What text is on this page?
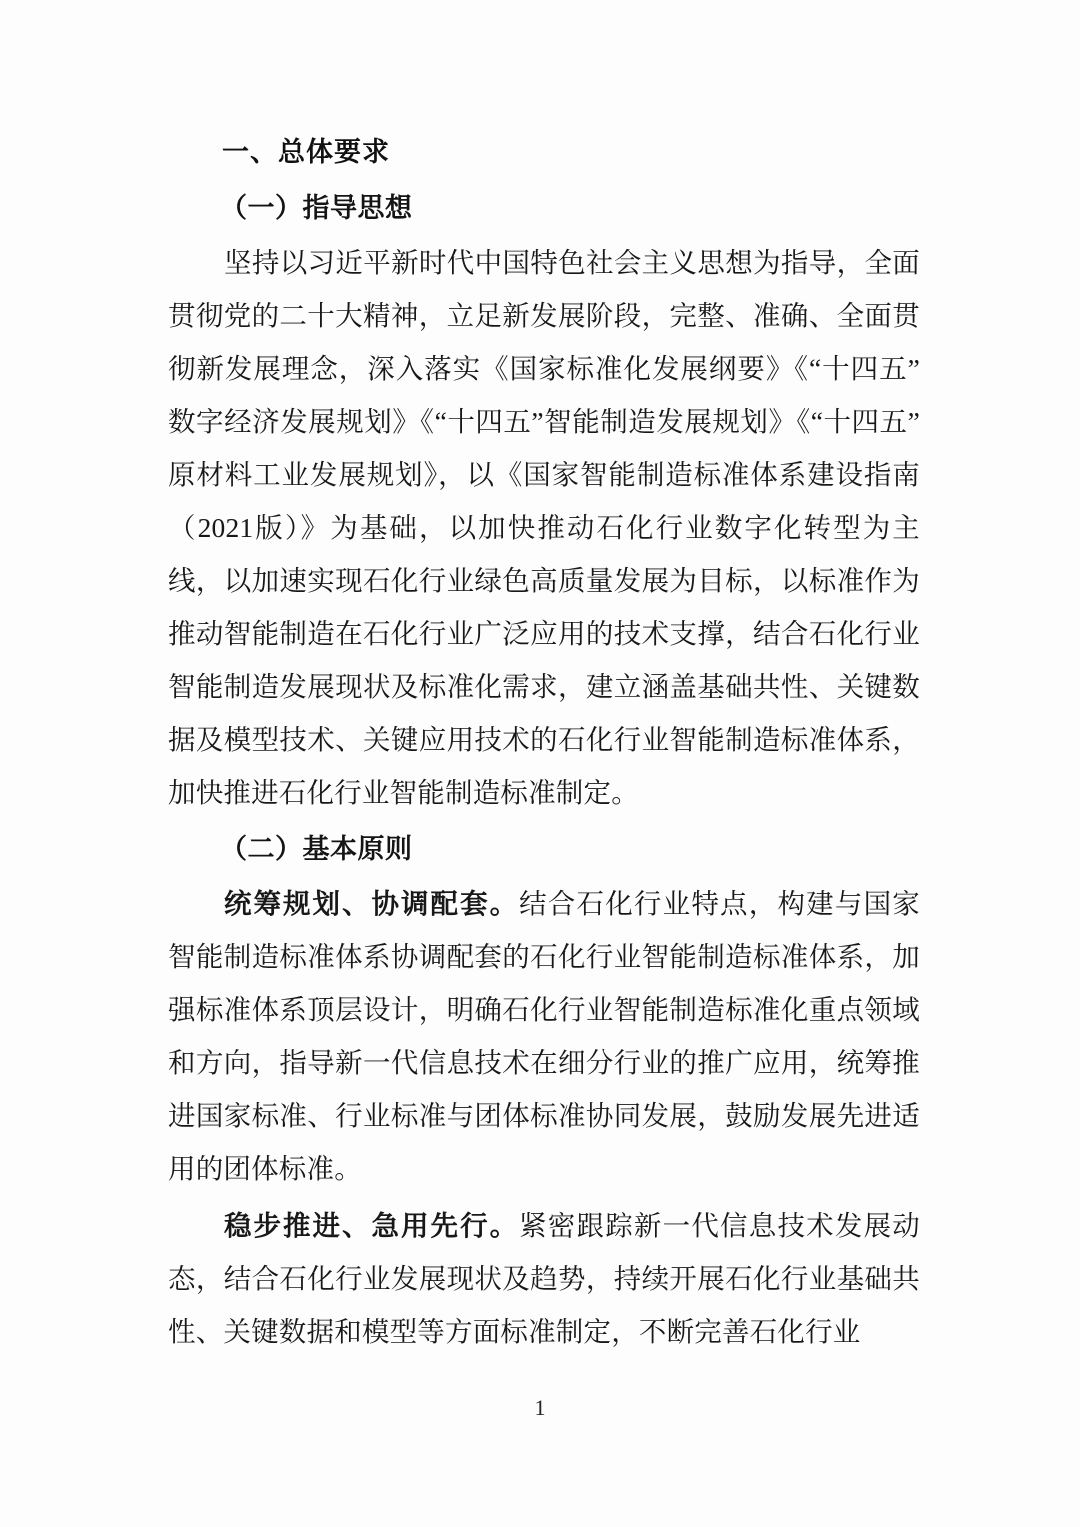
一、总体要求
（一）指导思想

坚持以习近平新时代中国特色社会主义思想为指导，全面贯彻党的二十大精神，立足新发展阶段，完整、准确、全面贯彻新发展理念，深入落实《国家标准化发展纲要》《“十四五”数字经济发展规划》《“十四五”智能制造发展规划》《“十四五”原材料工业发展规划》，以《国家智能制造标准体系建设指南（2021版）》为基础，以加快推动石化行业数字化转型为主线，以加速实现石化行业绿色高质量发展为目标，以标准作为推动智能制造在石化行业广泛应用的技术支撑，结合石化行业智能制造发展现状及标准化需求，建立涵盖基础共性、关键数据及模型技术、关键应用技术的石化行业智能制造标准体系，加快推进石化行业智能制造标准制定。

（二）基本原则

统筹规划、协调配套。结合石化行业特点，构建与国家智能制造标准体系协调配套的石化行业智能制造标准体系，加强标准体系顶层设计，明确石化行业智能制造标准化重点领域和方向，指导新一代信息技术在细分行业的推广应用，统筹推进国家标准、行业标准与团体标准协同发展，鼓励发展先进适用的团体标准。

稳步推进、急用先行。紧密跟踪新一代信息技术发展动态，结合石化行业发展现状及趋势，持续开展石化行业基础共性、关键数据和模型等方面标准制定，不断完善石化行业

1
